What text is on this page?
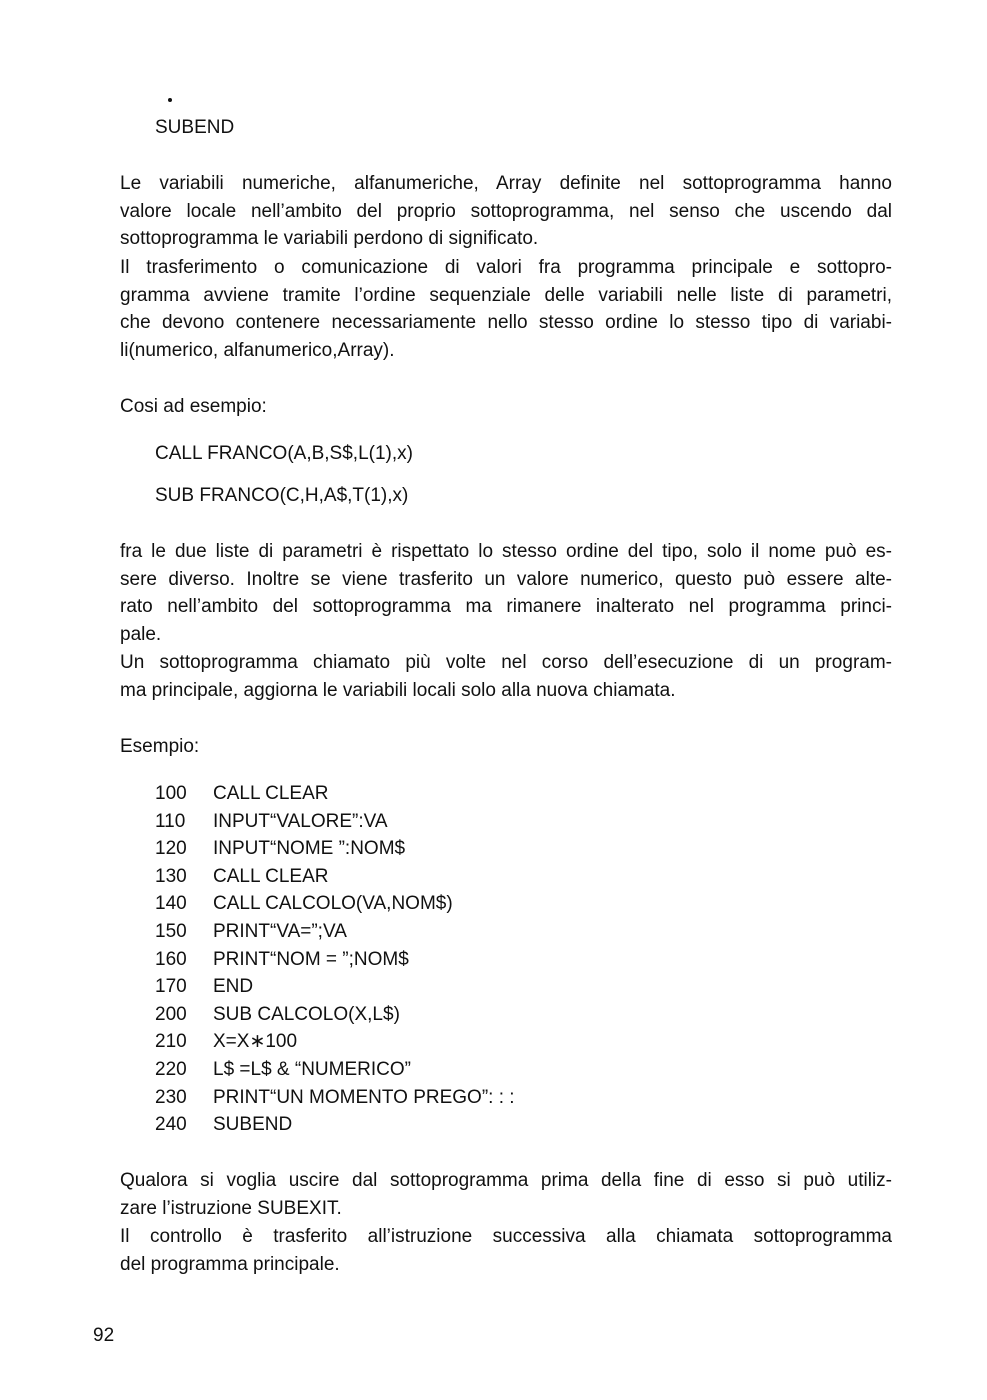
SUBEND
Le variabili numeriche, alfanumeriche, Array definite nel sottoprogramma hanno
valore locale nell’ambito del proprio sottoprogramma, nel senso che uscendo dal
sottoprogramma le variabili perdono di significato.
Il trasferimento o comunicazione di valori fra programma principale e sottopro-
gramma avviene tramite l’ordine sequenziale delle variabili nelle liste di parametri,
che devono contenere necessariamente nello stesso ordine lo stesso tipo di variabi-
li(numerico, alfanumerico,Array).
Cosi ad esempio:
CALL FRANCO(A,B,S$,L(1),x)
SUB FRANCO(C,H,A$,T(1),x)
fra le due liste di parametri è rispettato lo stesso ordine del tipo, solo il nome può es-
sere diverso. Inoltre se viene trasferito un valore numerico, questo può essere alte-
rato nell’ambito del sottoprogramma ma rimanere inalterato nel programma princi-
pale.
Un sottoprogramma chiamato più volte nel corso dell’esecuzione di un program-
ma principale, aggiorna le variabili locali solo alla nuova chiamata.
Esempio:
100 CALL CLEAR
110 INPUT“VALORE”:VA
120 INPUT“NOME ”:NOM$
130 CALL CLEAR
140 CALL CALCOLO(VA,NOM$)
150 PRINT“VA=”;VA
160 PRINT“NOM = ”;NOM$
170 END
200 SUB CALCOLO(X,L$)
210 X=X∗100
220 L$ =L$ & “NUMERICO”
230 PRINT“UN MOMENTO PREGO”: : :
240 SUBEND
Qualora si voglia uscire dal sottoprogramma prima della fine di esso si può utiliz-
zare l’istruzione SUBEXIT.
Il controllo è trasferito all’istruzione successiva alla chiamata sottoprogramma
del programma principale.
92
